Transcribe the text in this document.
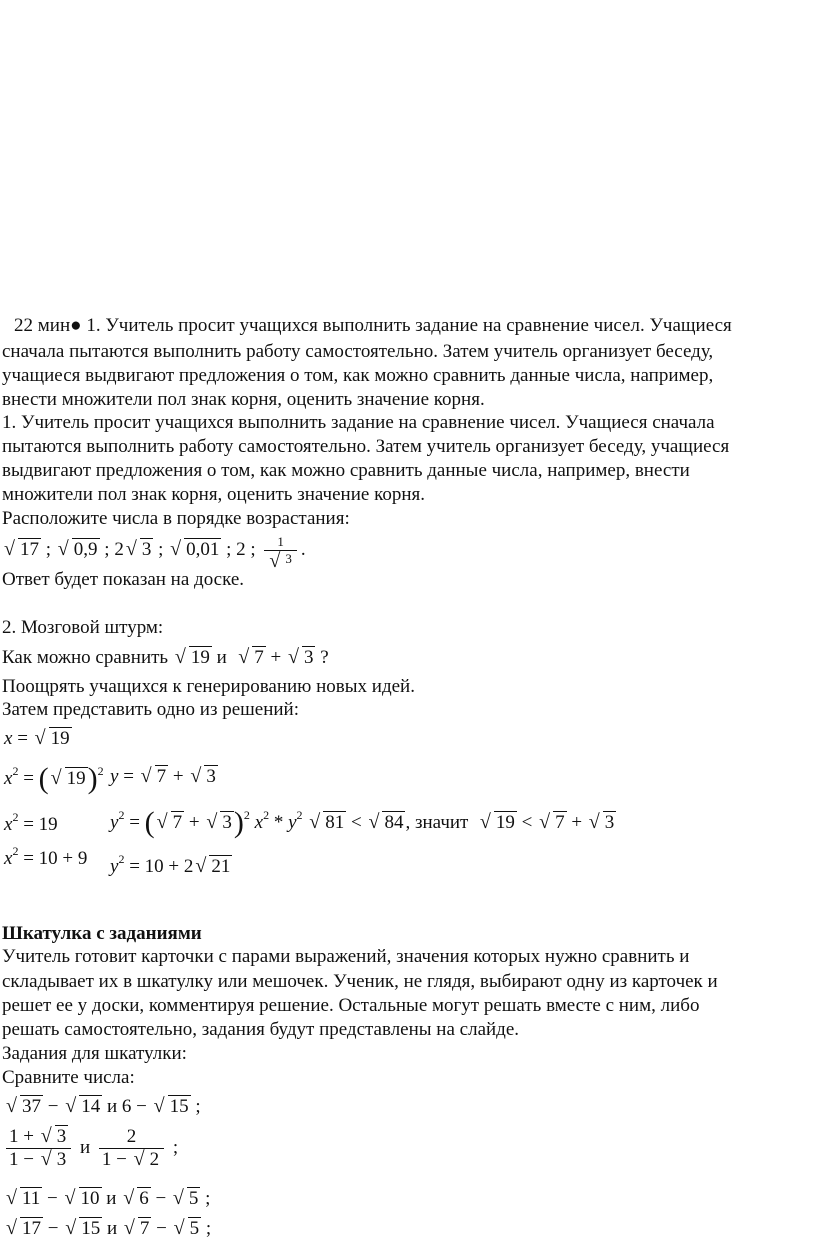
22 мин● 1. Учитель просит учащихся выполнить задание на сравнение чисел. Учащиеся
сначала пытаются выполнить работу самостоятельно. Затем учитель организует беседу,
учащиеся выдвигают предложения о том, как можно сравнить данные числа, например,
внести множители пол знак корня, оценить значение корня.
1. Учитель просит учащихся выполнить задание на сравнение чисел. Учащиеся сначала
пытаются выполнить работу самостоятельно. Затем учитель организует беседу, учащиеся
выдвигают предложения о том, как можно сравнить данные числа, например, внести
множители пол знак корня, оценить значение корня.
Расположите числа в порядке возрастания:
√ 17 ; √ 0,9 ; 2√ 3 ; √ 0,01 ; 2 ; 1
√ 3 .
Ответ будет показан на доске.
2. Мозговой штурм:
Как можно сравнить √ 19 и  √ 7 + √ 3 ?
Поощрять учащихся к генерированию новых идей.
Затем представить одно из решений:
x = √ 19
$x^2$ = (√ 19)$^2$ y = √ 7 + √ 3
$x^2 = 19$	$y^2$ = (√ 7 + √ 3)$^2$ $x^2 * y^2$ √ 81 < √ 84 , значит  √ 19 < √ 7 + √ 3
$x^2 = 10 + 9$ $y^2 = 10 + 2√$ 21
Шкатулка с заданиями
Учитель готовит карточки с парами выражений, значения которых нужно сравнить и
складывает их в шкатулку или мешочек. Ученик, не глядя, выбирают одну из карточек и
решет ее у доски, комментируя решение. Остальные могут решать вместе с ним, либо
решать самостоятельно, задания будут представлены на слайде.
Задания для шкатулки:
Сравните числа:
√ 37 − √ 14 и 6 − √ 15 ;
$\frac{1 + √ 3}{1 - √ 3}$ и $\frac{2}{1 - √ 2}$ ;
√ 11 − √ 10 и √ 6 − √ 5 ;
√ 17 − √ 15 и √ 7 − √ 5 ;
